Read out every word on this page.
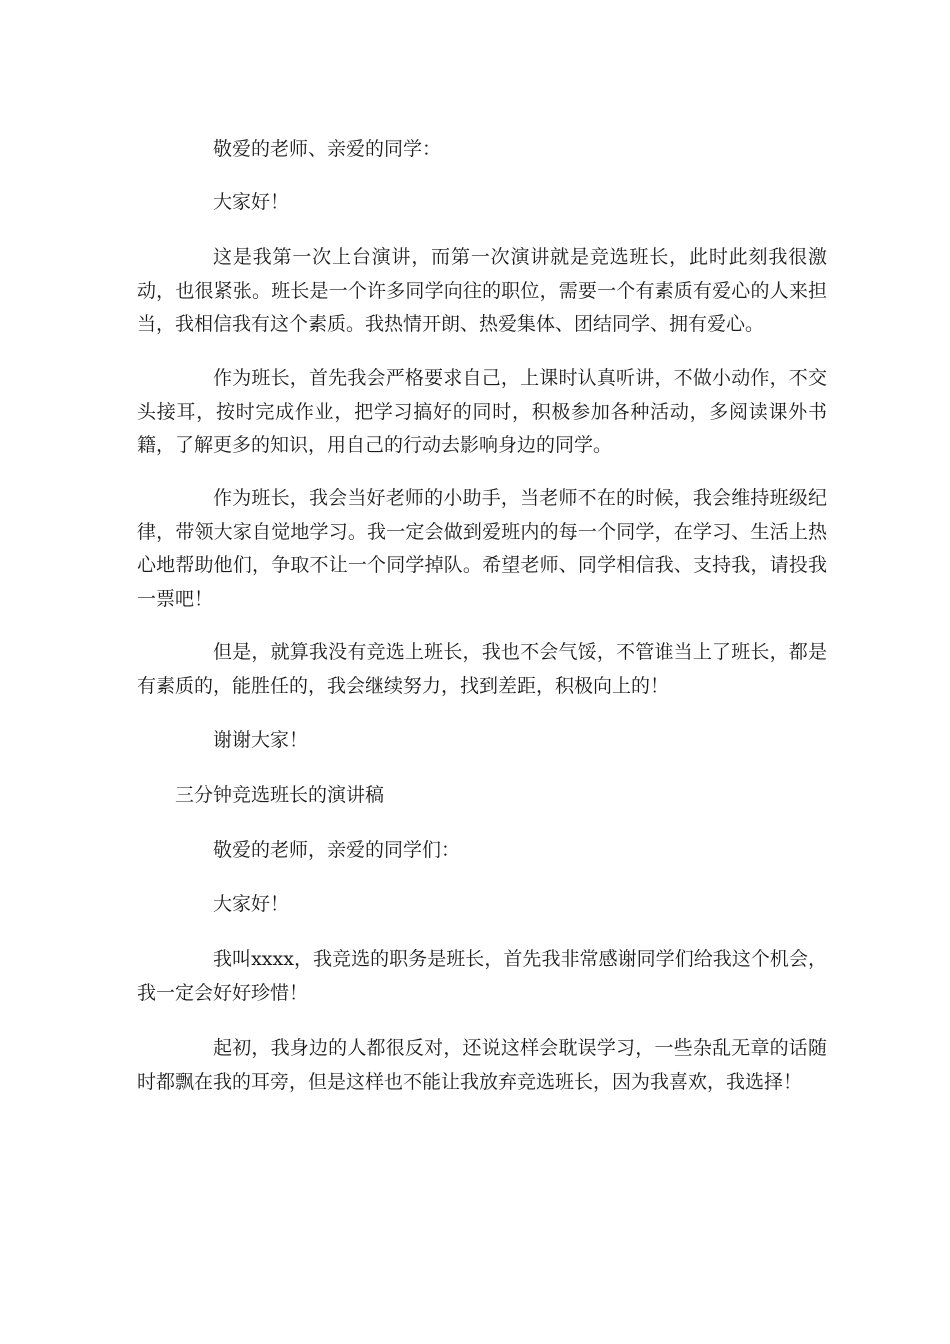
敬爱的老师、亲爱的同学：

大家好！

这是我第一次上台演讲，而第一次演讲就是竞选班长，此时此刻我很激动，也很紧张。班长是一个许多同学向往的职位，需要一个有素质有爱心的人来担当，我相信我有这个素质。我热情开朗、热爱集体、团结同学、拥有爱心。

作为班长，首先我会严格要求自己，上课时认真听讲，不做小动作，不交头接耳，按时完成作业，把学习搞好的同时，积极参加各种活动，多阅读课外书籍，了解更多的知识，用自己的行动去影响身边的同学。

作为班长，我会当好老师的小助手，当老师不在的时候，我会维持班级纪律，带领大家自觉地学习。我一定会做到爱班内的每一个同学，在学习、生活上热心地帮助他们，争取不让一个同学掉队。希望老师、同学相信我、支持我，请投我一票吧！

但是，就算我没有竞选上班长，我也不会气馁，不管谁当上了班长，都是有素质的，能胜任的，我会继续努力，找到差距，积极向上的！

谢谢大家！

三分钟竞选班长的演讲稿

敬爱的老师，亲爱的同学们：

大家好！

我叫xxxx，我竞选的职务是班长，首先我非常感谢同学们给我这个机会，我一定会好好珍惜！

起初，我身边的人都很反对，还说这样会耽误学习，一些杂乱无章的话随时都飘在我的耳旁，但是这样也不能让我放弃竞选班长，因为我喜欢，我选择！
